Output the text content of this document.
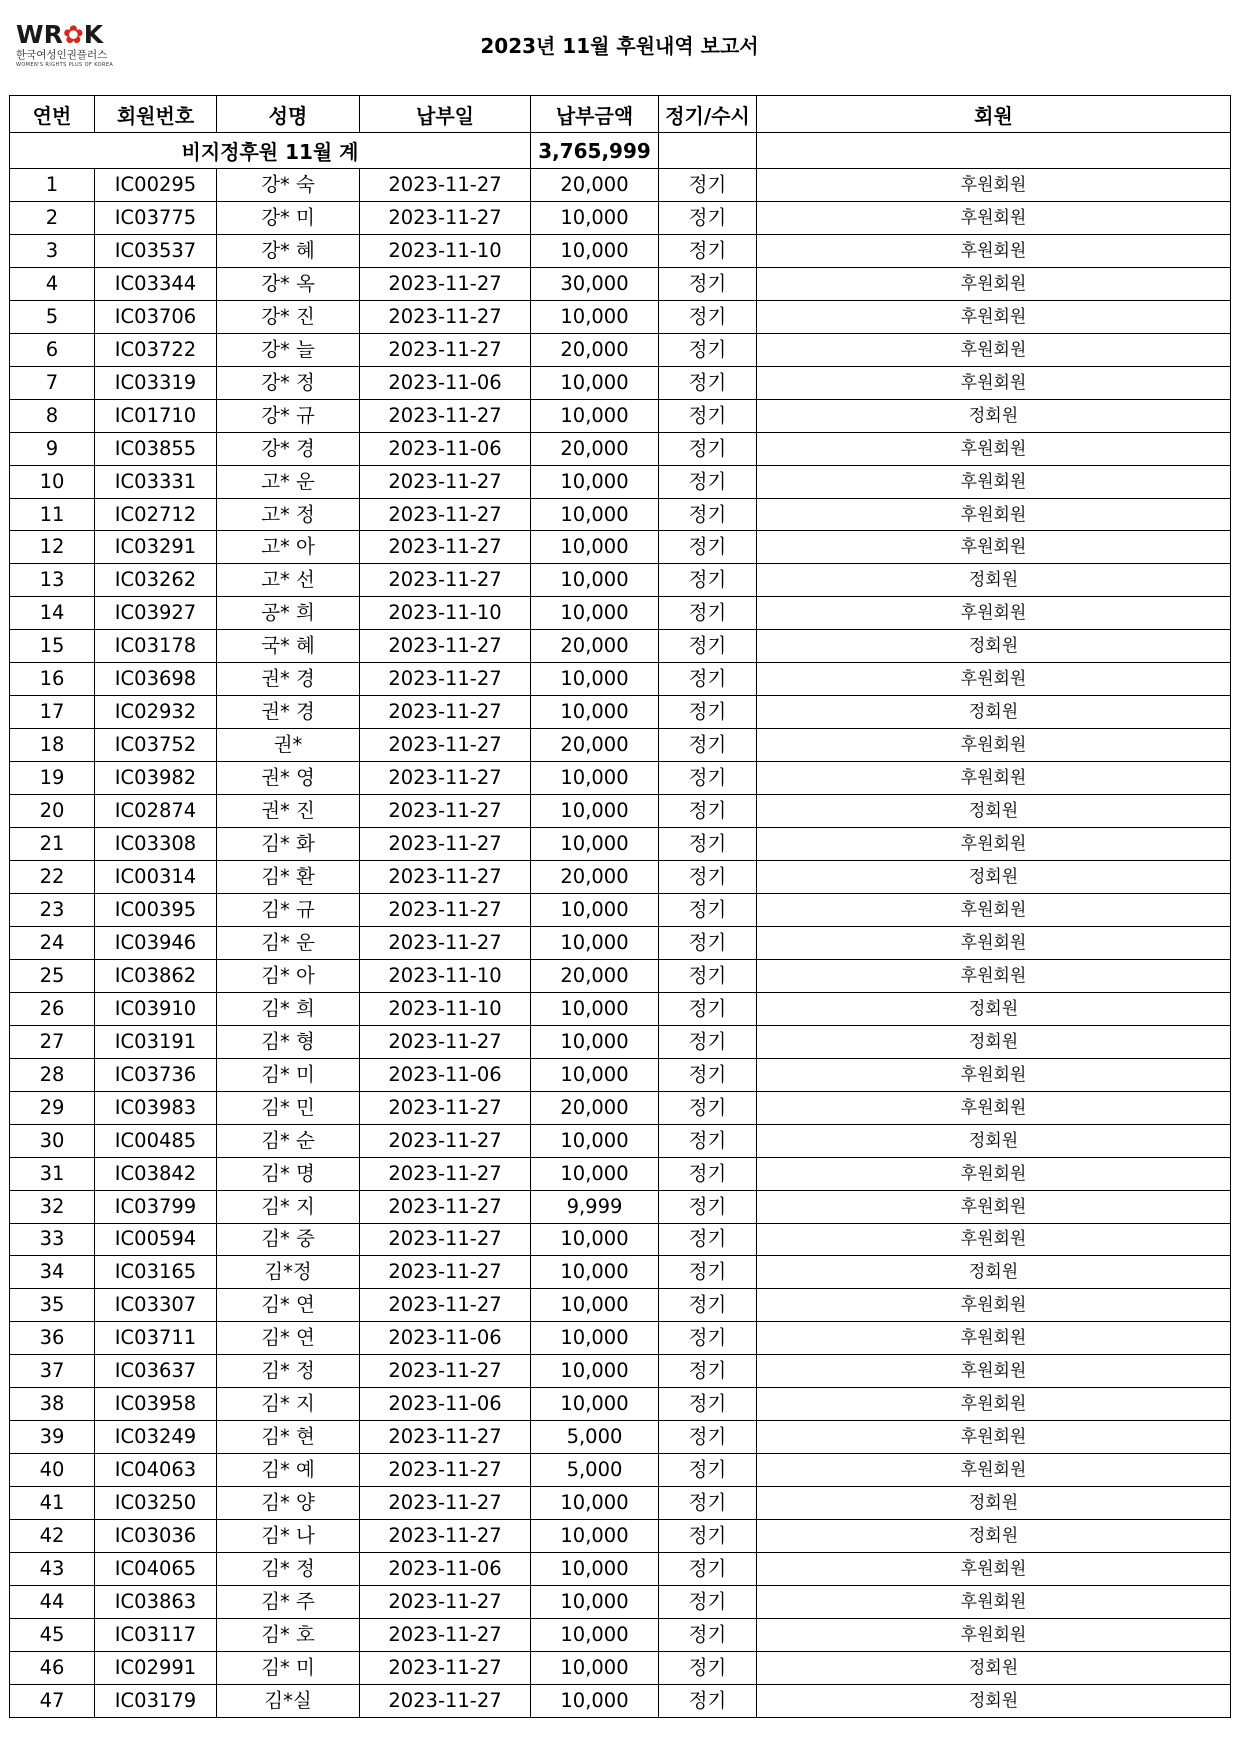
WR✿K
한국여성인권플러스
WOMEN'S RIGHTS PLUS OF KOREA
2023년 11월 후원내역 보고서
연번	회원번호	성명	납부일	납부금액	정기/수시	회원
비지정후원 11월 계				3,765,999		
1	IC00295	강* 숙	2023-11-27	20,000	정기	후원회원
2	IC03775	강* 미	2023-11-27	10,000	정기	후원회원
3	IC03537	강* 혜	2023-11-10	10,000	정기	후원회원
4	IC03344	강* 옥	2023-11-27	30,000	정기	후원회원
5	IC03706	강* 진	2023-11-27	10,000	정기	후원회원
6	IC03722	강* 늘	2023-11-27	20,000	정기	후원회원
7	IC03319	강* 정	2023-11-06	10,000	정기	후원회원
8	IC01710	강* 규	2023-11-27	10,000	정기	정회원
9	IC03855	강* 경	2023-11-06	20,000	정기	후원회원
10	IC03331	고* 운	2023-11-27	10,000	정기	후원회원
11	IC02712	고* 정	2023-11-27	10,000	정기	후원회원
12	IC03291	고* 아	2023-11-27	10,000	정기	후원회원
13	IC03262	고* 선	2023-11-27	10,000	정기	정회원
14	IC03927	공* 희	2023-11-10	10,000	정기	후원회원
15	IC03178	국* 혜	2023-11-27	20,000	정기	정회원
16	IC03698	권* 경	2023-11-27	10,000	정기	후원회원
17	IC02932	권* 경	2023-11-27	10,000	정기	정회원
18	IC03752	권*	2023-11-27	20,000	정기	후원회원
19	IC03982	권* 영	2023-11-27	10,000	정기	후원회원
20	IC02874	권* 진	2023-11-27	10,000	정기	정회원
21	IC03308	김* 화	2023-11-27	10,000	정기	후원회원
22	IC00314	김* 환	2023-11-27	20,000	정기	정회원
23	IC00395	김* 규	2023-11-27	10,000	정기	후원회원
24	IC03946	김* 운	2023-11-27	10,000	정기	후원회원
25	IC03862	김* 아	2023-11-10	20,000	정기	후원회원
26	IC03910	김* 희	2023-11-10	10,000	정기	정회원
27	IC03191	김* 형	2023-11-27	10,000	정기	정회원
28	IC03736	김* 미	2023-11-06	10,000	정기	후원회원
29	IC03983	김* 민	2023-11-27	20,000	정기	후원회원
30	IC00485	김* 순	2023-11-27	10,000	정기	정회원
31	IC03842	김* 명	2023-11-27	10,000	정기	후원회원
32	IC03799	김* 지	2023-11-27	9,999	정기	후원회원
33	IC00594	김* 중	2023-11-27	10,000	정기	후원회원
34	IC03165	김*정	2023-11-27	10,000	정기	정회원
35	IC03307	김* 연	2023-11-27	10,000	정기	후원회원
36	IC03711	김* 연	2023-11-06	10,000	정기	후원회원
37	IC03637	김* 정	2023-11-27	10,000	정기	후원회원
38	IC03958	김* 지	2023-11-06	10,000	정기	후원회원
39	IC03249	김* 현	2023-11-27	5,000	정기	후원회원
40	IC04063	김* 예	2023-11-27	5,000	정기	후원회원
41	IC03250	김* 양	2023-11-27	10,000	정기	정회원
42	IC03036	김* 나	2023-11-27	10,000	정기	정회원
43	IC04065	김* 정	2023-11-06	10,000	정기	후원회원
44	IC03863	김* 주	2023-11-27	10,000	정기	후원회원
45	IC03117	김* 호	2023-11-27	10,000	정기	후원회원
46	IC02991	김* 미	2023-11-27	10,000	정기	정회원
47	IC03179	김*실	2023-11-27	10,000	정기	정회원
